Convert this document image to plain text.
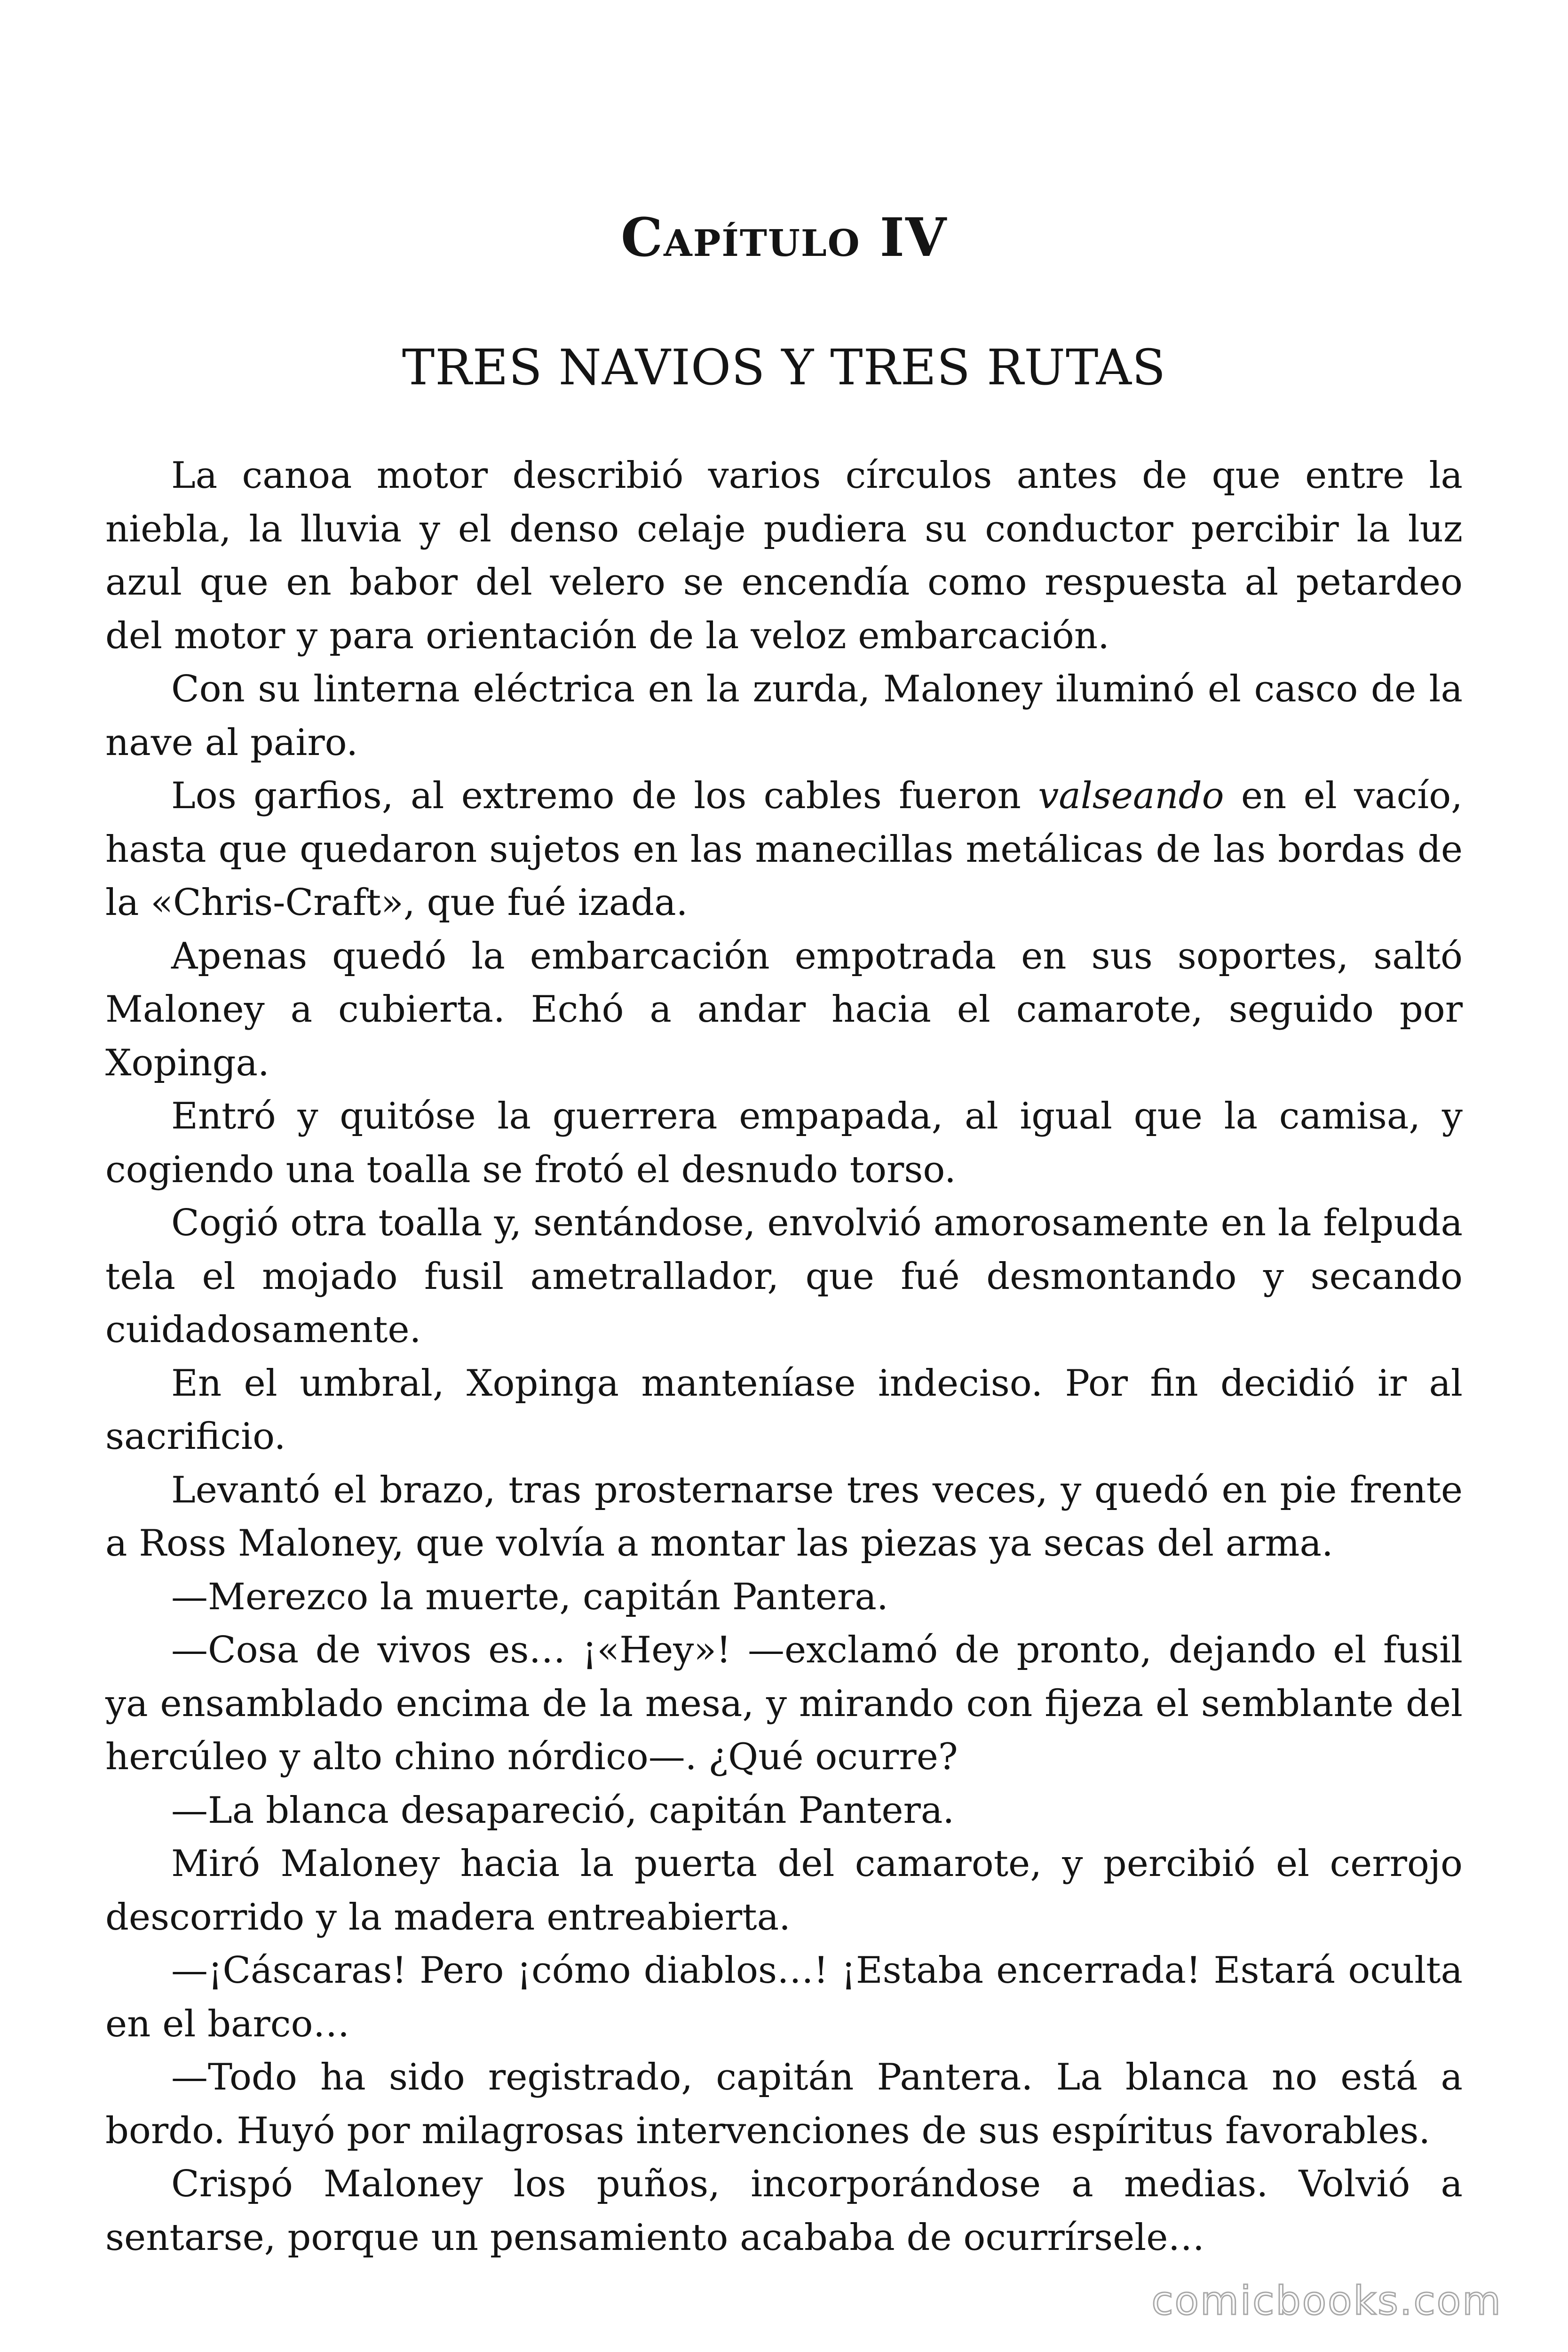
Capítulo IV
TRES NAVIOS Y TRES RUTAS

La canoa motor describió varios círculos antes de que entre la niebla, la lluvia y el denso celaje pudiera su conductor percibir la luz azul que en babor del velero se encendía como respuesta al petardeo del motor y para orientación de la veloz embarcación.

Con su linterna eléctrica en la zurda, Maloney iluminó el casco de la nave al pairo.

Los garfios, al extremo de los cables fueron valseando en el vacío, hasta que quedaron sujetos en las manecillas metálicas de las bordas de la «Chris-Craft», que fué izada.

Apenas quedó la embarcación empotrada en sus soportes, saltó Maloney a cubierta. Echó a andar hacia el camarote, seguido por Xopinga.

Entró y quitóse la guerrera empapada, al igual que la camisa, y cogiendo una toalla se frotó el desnudo torso.

Cogió otra toalla y, sentándose, envolvió amorosamente en la felpuda tela el mojado fusil ametrallador, que fué desmontando y secando cuidadosamente.

En el umbral, Xopinga manteníase indeciso. Por fin decidió ir al sacrificio.

Levantó el brazo, tras prosternarse tres veces, y quedó en pie frente a Ross Maloney, que volvía a montar las piezas ya secas del arma.

—Merezco la muerte, capitán Pantera.

—Cosa de vivos es… ¡«Hey»! —exclamó de pronto, dejando el fusil ya ensamblado encima de la mesa, y mirando con fijeza el semblante del hercúleo y alto chino nórdico—. ¿Qué ocurre?

—La blanca desapareció, capitán Pantera.

Miró Maloney hacia la puerta del camarote, y percibió el cerrojo descorrido y la madera entreabierta.

—¡Cáscaras! Pero ¡cómo diablos…! ¡Estaba encerrada! Estará oculta en el barco…

—Todo ha sido registrado, capitán Pantera. La blanca no está a bordo. Huyó por milagrosas intervenciones de sus espíritus favorables.

Crispó Maloney los puños, incorporándose a medias. Volvió a sentarse, porque un pensamiento acababa de ocurrírsele…

comicbooks.com
